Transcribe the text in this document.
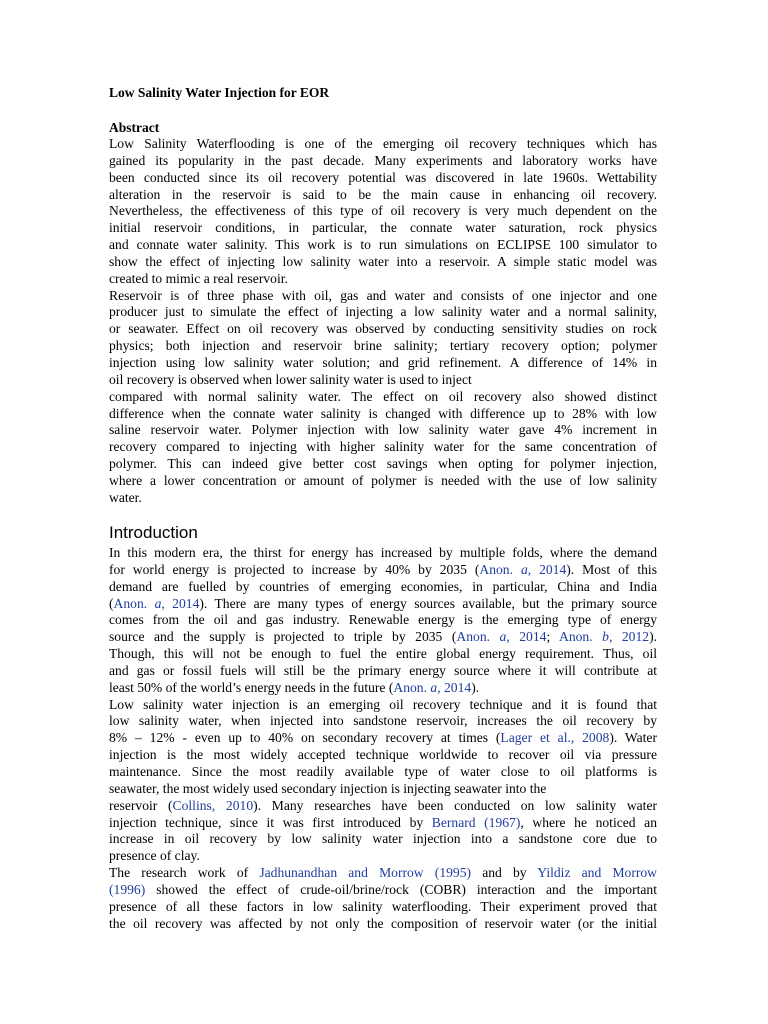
Low Salinity Water Injection for EOR
Abstract
Low Salinity Waterflooding is one of the emerging oil recovery techniques which has
gained its popularity in the past decade. Many experiments and laboratory works have
been conducted since its oil recovery potential was discovered in late 1960s. Wettability
alteration in the reservoir is said to be the main cause in enhancing oil recovery.
Nevertheless, the effectiveness of this type of oil recovery is very much dependent on the
initial reservoir conditions, in particular, the connate water saturation, rock physics
and connate water salinity. This work is to run simulations on ECLIPSE 100 simulator to
show the effect of injecting low salinity water into a reservoir. A simple static model was
created to mimic a real reservoir.
Reservoir is of three phase with oil, gas and water and consists of one injector and one
producer just to simulate the effect of injecting a low salinity water and a normal salinity,
or seawater. Effect on oil recovery was observed by conducting sensitivity studies on rock
physics; both injection and reservoir brine salinity; tertiary recovery option; polymer
injection using low salinity water solution; and grid refinement. A difference of 14% in
oil recovery is observed when lower salinity water is used to inject
compared with normal salinity water. The effect on oil recovery also showed distinct
difference when the connate water salinity is changed with difference up to 28% with low
saline reservoir water. Polymer injection with low salinity water gave 4% increment in
recovery compared to injecting with higher salinity water for the same concentration of
polymer. This can indeed give better cost savings when opting for polymer injection,
where a lower concentration or amount of polymer is needed with the use of low salinity
water.
Introduction
In this modern era, the thirst for energy has increased by multiple folds, where the demand
for world energy is projected to increase by 40% by 2035 (Anon. a, 2014). Most of this
demand are fuelled by countries of emerging economies, in particular, China and India
(Anon. a, 2014). There are many types of energy sources available, but the primary source
comes from the oil and gas industry. Renewable energy is the emerging type of energy
source and the supply is projected to triple by 2035 (Anon. a, 2014; Anon. b, 2012).
Though, this will not be enough to fuel the entire global energy requirement. Thus, oil
and gas or fossil fuels will still be the primary energy source where it will contribute at
least 50% of the world’s energy needs in the future (Anon. a, 2014).
Low salinity water injection is an emerging oil recovery technique and it is found that
low salinity water, when injected into sandstone reservoir, increases the oil recovery by
8% – 12% - even up to 40% on secondary recovery at times (Lager et al., 2008). Water
injection is the most widely accepted technique worldwide to recover oil via pressure
maintenance. Since the most readily available type of water close to oil platforms is
seawater, the most widely used secondary injection is injecting seawater into the
reservoir (Collins, 2010). Many researches have been conducted on low salinity water
injection technique, since it was first introduced by Bernard (1967), where he noticed an
increase in oil recovery by low salinity water injection into a sandstone core due to
presence of clay.
The research work of Jadhunandhan and Morrow (1995) and by Yildiz and Morrow
(1996) showed the effect of crude-oil/brine/rock (COBR) interaction and the important
presence of all these factors in low salinity waterflooding. Their experiment proved that
the oil recovery was affected by not only the composition of reservoir water (or the initial
